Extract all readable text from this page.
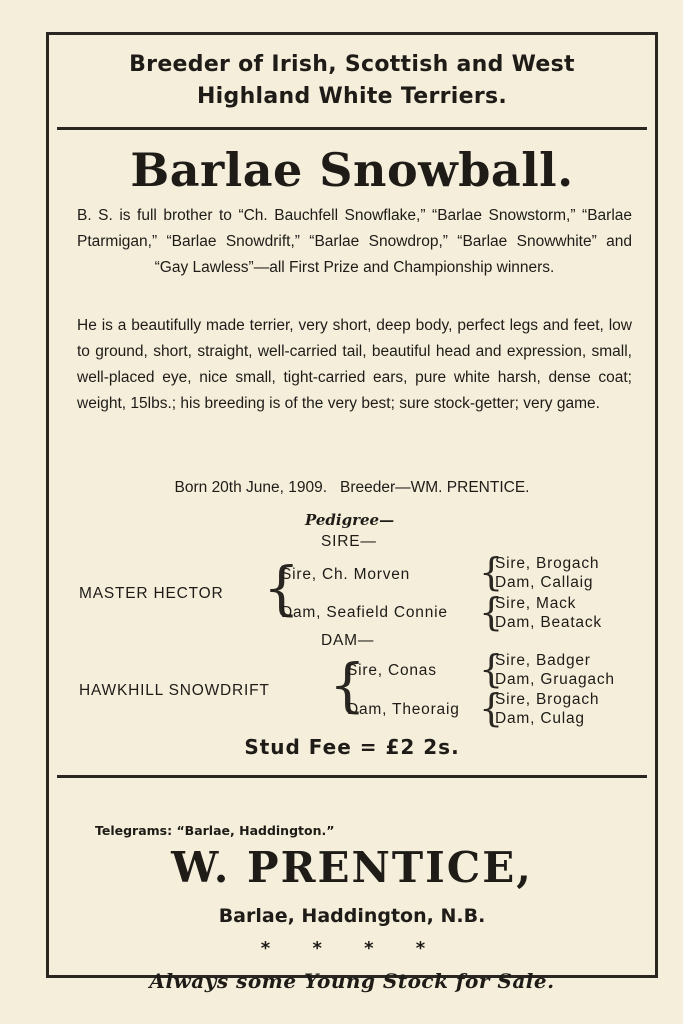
Breeder of Irish, Scottish and West
Highland White Terriers.
Barlae Snowball.
B. S. is full brother to “Ch. Bauchfell Snowflake,” “Barlae Snowstorm,” “Barlae Ptarmigan,” “Barlae Snowdrift,” “Barlae Snowdrop,” “Barlae Snowwhite” and “Gay Lawless”—all First Prize and Championship winners.
He is a beautifully made terrier, very short, deep body, perfect legs and feet, low to ground, short, straight, well-carried tail, beautiful head and expression, small, well-placed eye, nice small, tight-carried ears, pure white harsh, dense coat; weight, 15lbs.; his breeding is of the very best; sure stock-getter; very game.
Born 20th June, 1909. Breeder—WM. PRENTICE.
Pedigree—
SIRE—
MASTER HECTOR {
Sire, Ch. Morven
Dam, Seafield Connie
{
Sire, Brogach
Dam, Callaig
{
Sire, Mack
Dam, Beatack
DAM—
HAWKHILL SNOWDRIFT {
Sire, Conas
Dam, Theoraig
{
Sire, Badger
Dam, Gruagach
{
Sire, Brogach
Dam, Culag
Stud Fee = £2 2s.
Telegrams: “Barlae, Haddington.”
W. PRENTICE,
Barlae, Haddington, N.B.
* * * *
Always some Young Stock for Sale.
